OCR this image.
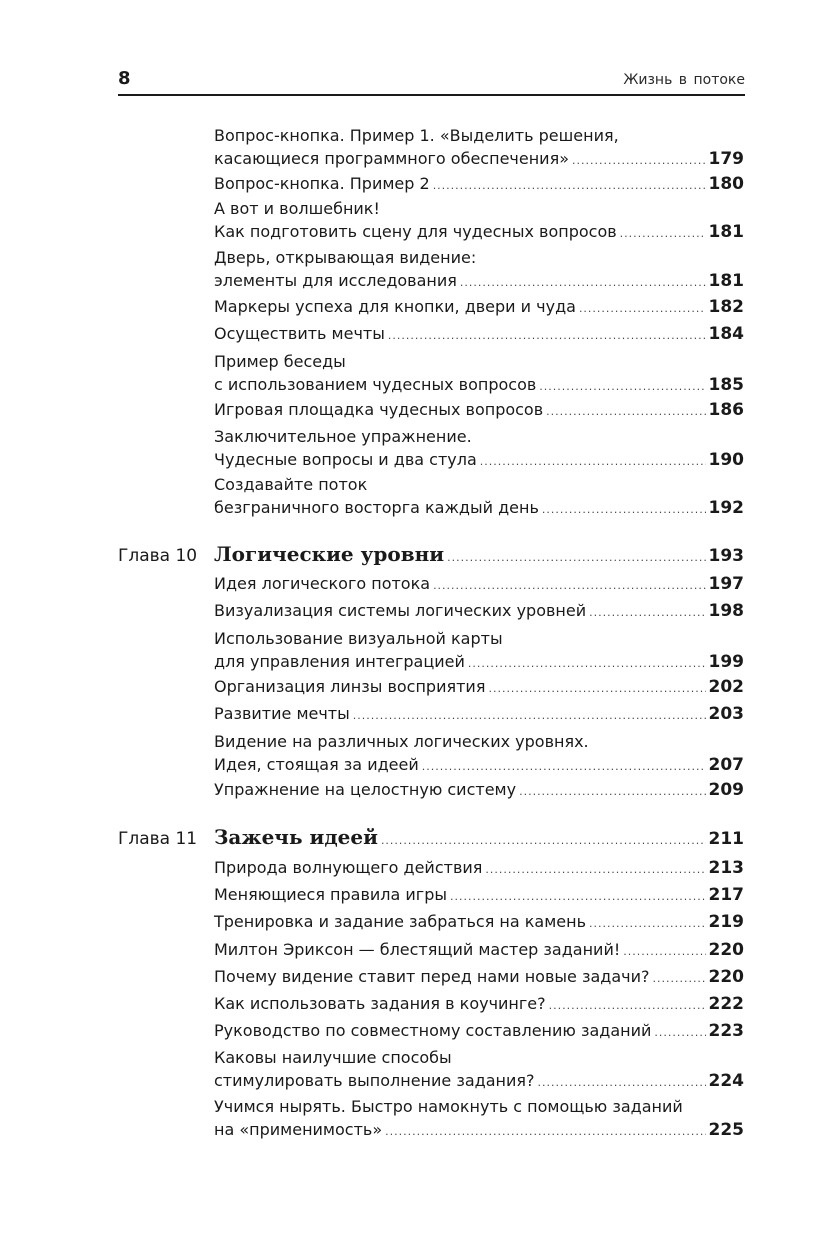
8	Жизнь в потоке
Вопрос-кнопка. Пример 1. «Выделить решения,
касающиеся программного обеспечения» .....	179
Вопрос-кнопка. Пример 2 .....	180
А вот и волшебник!
Как подготовить сцену для чудесных вопросов .....	181
Дверь, открывающая видение:
элементы для исследования .....	181
Маркеры успеха для кнопки, двери и чуда .....	182
Осуществить мечты .....	184
Пример беседы
с использованием чудесных вопросов .....	185
Игровая площадка чудесных вопросов .....	186
Заключительное упражнение.
Чудесные вопросы и два стула .....	190
Создавайте поток
безграничного восторга каждый день .....	192
Глава 10 Логические уровни .....	193
Идея логического потока .....	197
Визуализация системы логических уровней .....	198
Использование визуальной карты
для управления интеграцией .....	199
Организация линзы восприятия .....	202
Развитие мечты .....	203
Видение на различных логических уровнях.
Идея, стоящая за идеей .....	207
Упражнение на целостную систему .....	209
Глава 11 Зажечь идеей .....	211
Природа волнующего действия .....	213
Меняющиеся правила игры .....	217
Тренировка и задание забраться на камень .....	219
Милтон Эриксон — блестящий мастер заданий! .....	220
Почему видение ставит перед нами новые задачи? .....	220
Как использовать задания в коучинге? .....	222
Руководство по совместному составлению заданий .....	223
Каковы наилучшие способы
стимулировать выполнение задания? .....	224
Учимся нырять. Быстро намокнуть с помощью заданий
на «применимость» .....	225
